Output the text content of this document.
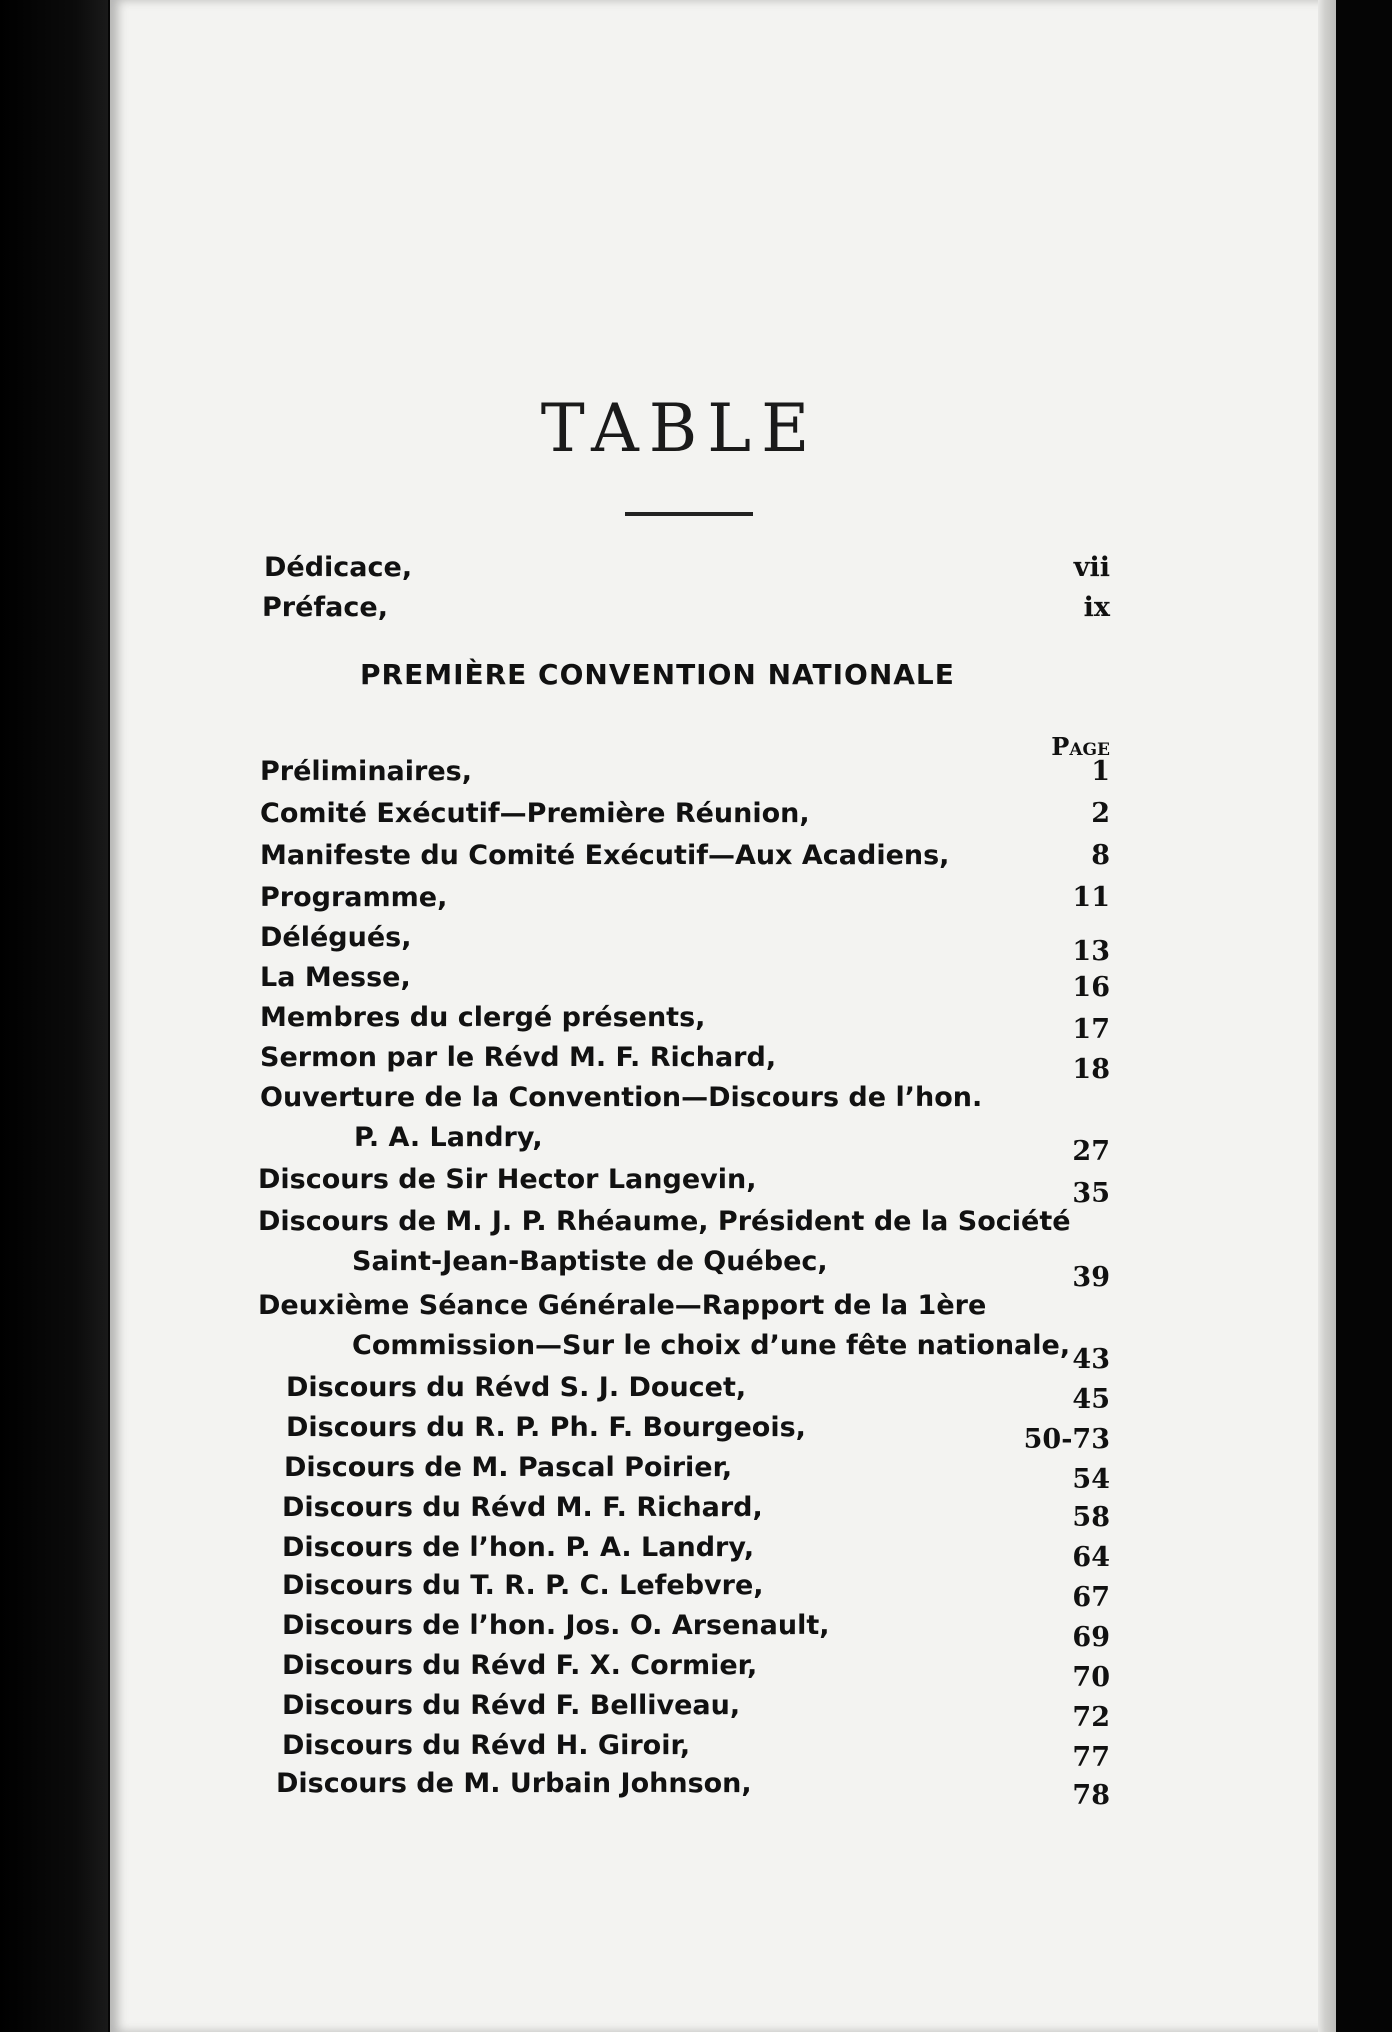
TABLE
Dédicace,	vii
Préface,	ix
PREMIÈRE CONVENTION NATIONALE
Page
Préliminaires,	1
Comité Exécutif—Première Réunion,	2
Manifeste du Comité Exécutif—Aux Acadiens,	8
Programme,	11
Délégués,	13
La Messe,	16
Membres du clergé présents,	17
Sermon par le Révd M. F. Richard,	18
Ouverture de la Convention—Discours de l’hon.
P. A. Landry,	27
Discours de Sir Hector Langevin,	35
Discours de M. J. P. Rhéaume, Président de la Société
Saint-Jean-Baptiste de Québec,
39
Deuxième Séance Générale—Rapport de la 1ère
Commission—Sur le choix d’une fête nationale, 43
Discours du Révd S. J. Doucet,	45
Discours du R. P. Ph. F. Bourgeois,	50-73
Discours de M. Pascal Poirier,	54
Discours du Révd M. F. Richard,	58
Discours de l’hon. P. A. Landry,	64
Discours du T. R. P. C. Lefebvre,	67
Discours de l’hon. Jos. O. Arsenault,	69
Discours du Révd F. X. Cormier,	70
Discours du Révd F. Belliveau,	72
Discours du Révd H. Giroir,	77
Discours de M. Urbain Johnson,	78
